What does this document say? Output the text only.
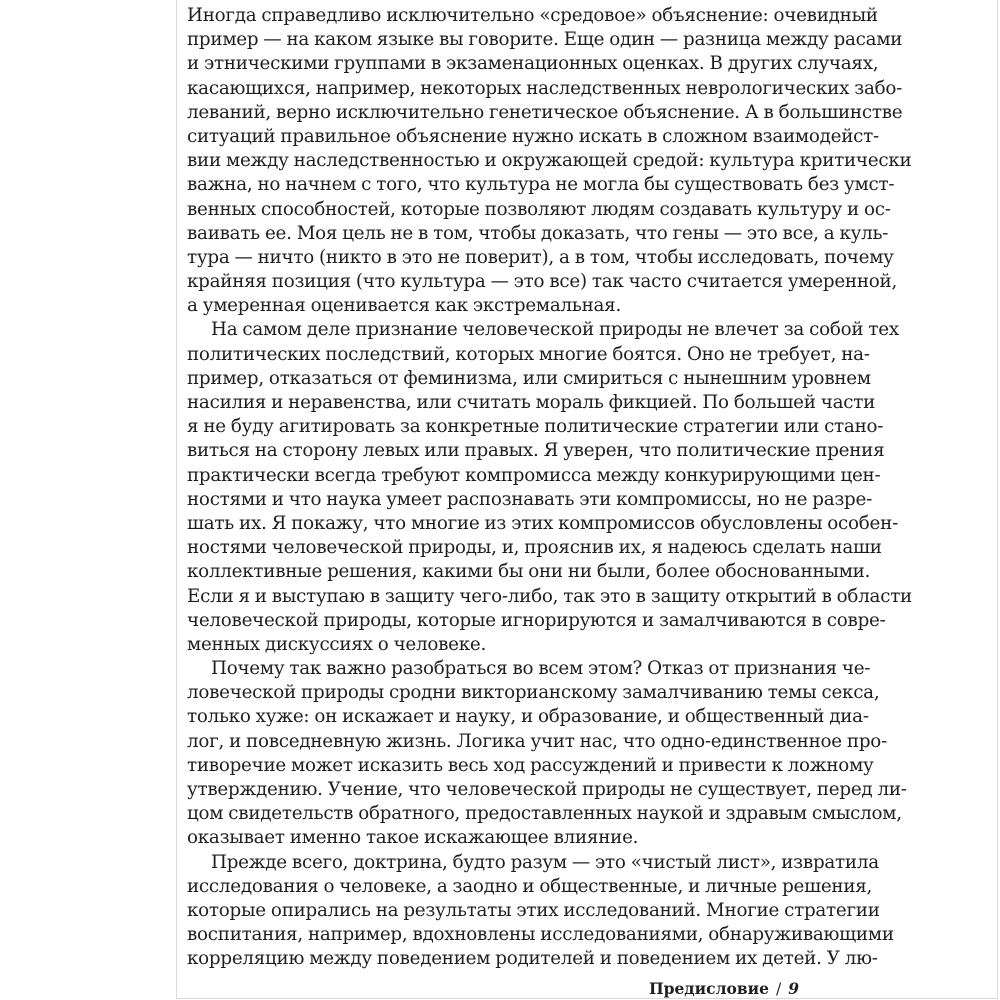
Иногда справедливо исключительно «средовое» объяснение: очевидный
пример — на каком языке вы говорите. Еще один — разница между расами
и этническими группами в экзаменационных оценках. В других случаях,
касающихся, например, некоторых наследственных неврологических забо-
леваний, верно исключительно генетическое объяснение. А в большинстве
ситуаций правильное объяснение нужно искать в сложном взаимодейст-
вии между наследственностью и окружающей средой: культура критически
важна, но начнем с того, что культура не могла бы существовать без умст-
венных способностей, которые позволяют людям создавать культуру и ос-
ваивать ее. Моя цель не в том, чтобы доказать, что гены — это все, а куль-
тура — ничто (никто в это не поверит), а в том, чтобы исследовать, почему
крайняя позиция (что культура — это все) так часто считается умеренной,
а умеренная оценивается как экстремальная.
На самом деле признание человеческой природы не влечет за собой тех
политических последствий, которых многие боятся. Оно не требует, на-
пример, отказаться от феминизма, или смириться с нынешним уровнем
насилия и неравенства, или считать мораль фикцией. По большей части
я не буду агитировать за конкретные политические стратегии или стано-
виться на сторону левых или правых. Я уверен, что политические прения
практически всегда требуют компромисса между конкурирующими цен-
ностями и что наука умеет распознавать эти компромиссы, но не разре-
шать их. Я покажу, что многие из этих компромиссов обусловлены особен-
ностями человеческой природы, и, прояснив их, я надеюсь сделать наши
коллективные решения, какими бы они ни были, более обоснованными.
Если я и выступаю в защиту чего-либо, так это в защиту открытий в области
человеческой природы, которые игнорируются и замалчиваются в совре-
менных дискуссиях о человеке.
Почему так важно разобраться во всем этом? Отказ от признания че-
ловеческой природы сродни викторианскому замалчиванию темы секса,
только хуже: он искажает и науку, и образование, и общественный диа-
лог, и повседневную жизнь. Логика учит нас, что одно-единственное про-
тиворечие может исказить весь ход рассуждений и привести к ложному
утверждению. Учение, что человеческой природы не существует, перед ли-
цом свидетельств обратного, предоставленных наукой и здравым смыслом,
оказывает именно такое искажающее влияние.
Прежде всего, доктрина, будто разум — это «чистый лист», извратила
исследования о человеке, а заодно и общественные, и личные решения,
которые опирались на результаты этих исследований. Многие стратегии
воспитания, например, вдохновлены исследованиями, обнаруживающими
корреляцию между поведением родителей и поведением их детей. У лю-
Предисловие / 9
